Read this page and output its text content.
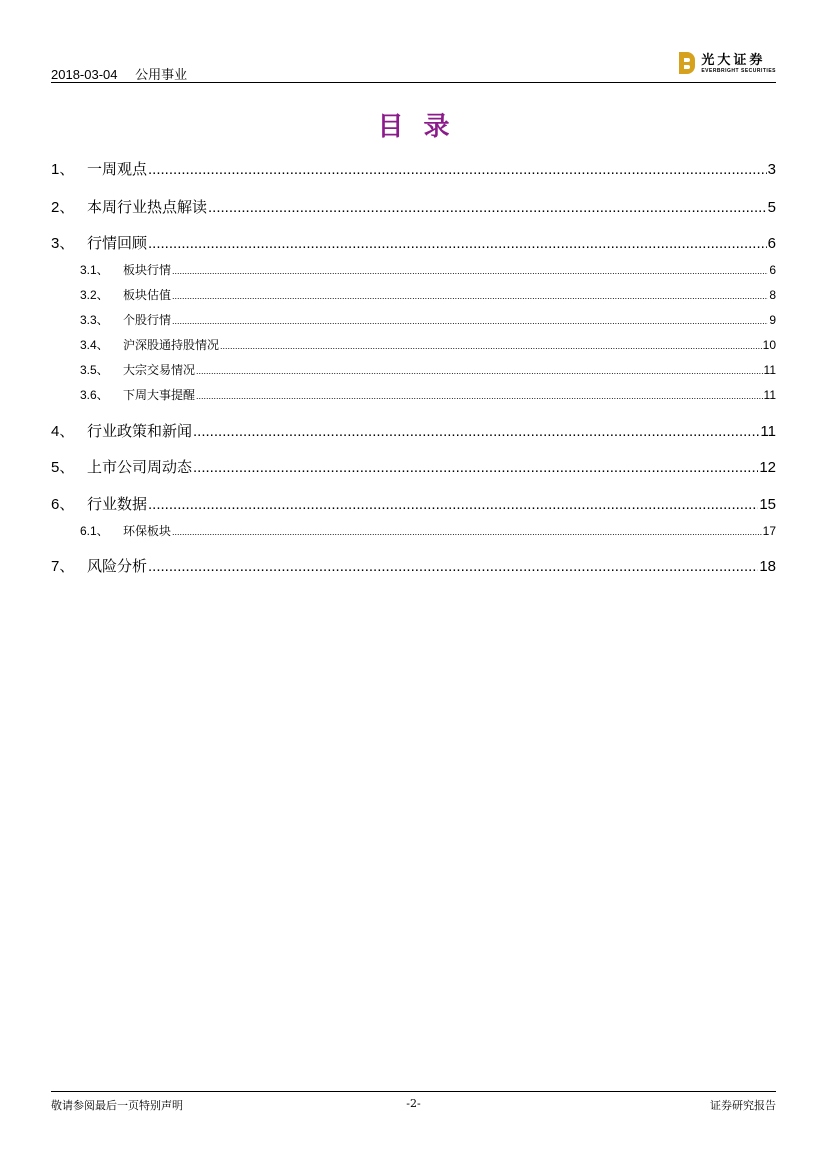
2018-03-04 公用事业
光大证券
EVERBRIGHT SECURITIES
目录
1、 一周观点 .....	3
2、 本周行业热点解读 .....	5
3、 行情回顾 .....	6
3.1、	板块行情 .....	6
3.2、	板块估值 .....	8
3.3、	个股行情 .....	9
3.4、	沪深股通持股情况 .....	10
3.5、	大宗交易情况 .....	11
3.6、	下周大事提醒 .....	11
4、 行业政策和新闻 .....	11
5、 上市公司周动态 .....	12
6、 行业数据 .....	15
6.1、	环保板块 .....	17
7、 风险分析 .....	18
敬请参阅最后一页特别声明	-2-	证券研究报告
